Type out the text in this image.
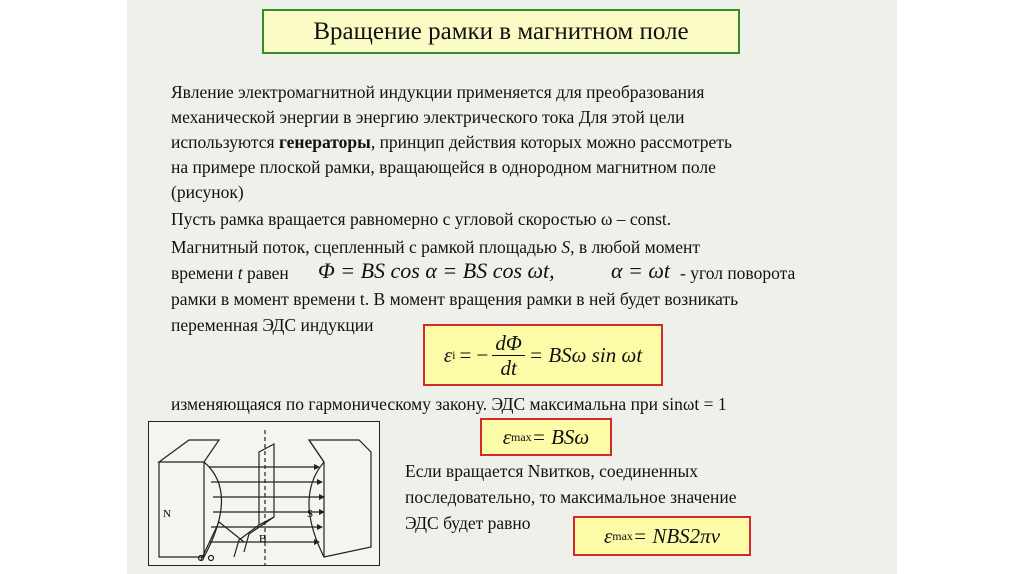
Вращение рамки в магнитном поле
Явление электромагнитной индукции применяется для преобразования
механической энергии в энергию электрического тока Для этой цели
используются генераторы, принцип действия которых можно рассмотреть
на примере плоской рамки, вращающейся в однородном магнитном поле
(рисунок)
Пусть рамка вращается равномерно с угловой скоростью ω – const.
Магнитный поток, сцепленный с рамкой площадью S, в любой момент
времени t равен Φ = BS cos α = BS cos ωt,	α = ωt - угол поворота
рамки в момент времени t. В момент вращения рамки в ней будет возникать
переменная ЭДС индукции
изменяющаяся по гармоническому закону. ЭДС максимальна при sinωt = 1
Если вращается Nвитков, соединенных
последовательно, то максимальное значение
ЭДС будет равно
ε i = − $\frac{d\Phi}{dt} = BS\omega$ sin ωt
ε max = BSω
ε max = NBS2πν
N	S
B
